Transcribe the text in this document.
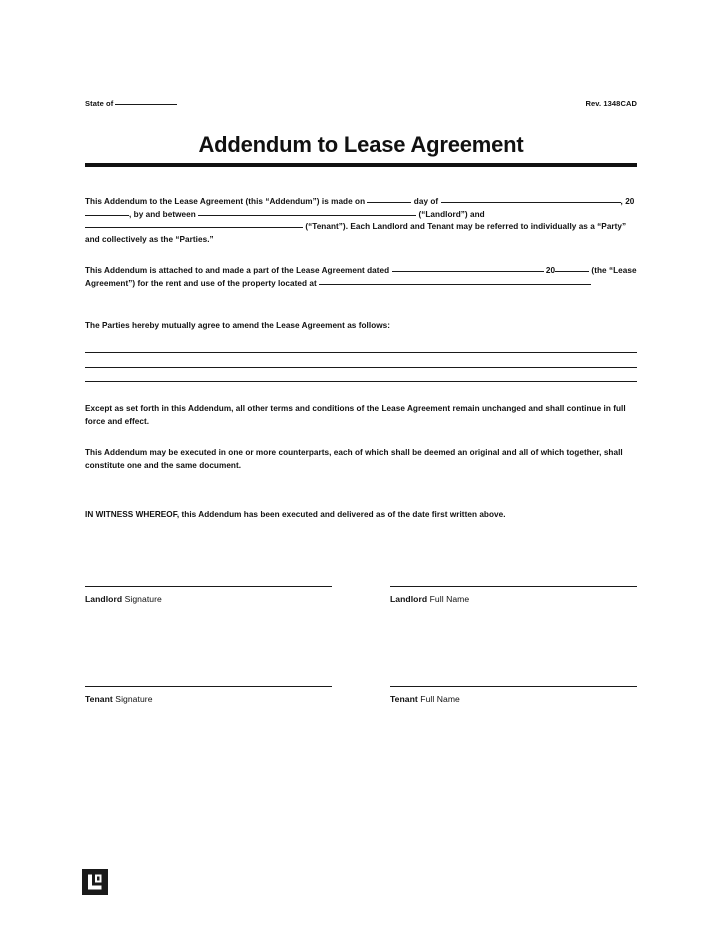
State of	Rev. 1348CAD
Addendum to Lease Agreement
This Addendum to the Lease Agreement (this “Addendum”) is made on	day of	, 20, by and between	(“Landlord”) and  (“Tenant”). Each Landlord and Tenant may be referred to individually as a “Party” and collectively as the “Parties.”
This Addendum is attached to and made a part of the Lease Agreement dated	20	(the “Lease Agreement”) for the rent and use of the property located at
The Parties hereby mutually agree to amend the Lease Agreement as follows:
Except as set forth in this Addendum, all other terms and conditions of the Lease Agreement remain unchanged and shall continue in full force and effect.
This Addendum may be executed in one or more counterparts, each of which shall be deemed an original and all of which together, shall constitute one and the same document.
IN WITNESS WHEREOF, this Addendum has been executed and delivered as of the date first written above.
Landlord Signature	Landlord Full Name
Tenant Signature	Tenant Full Name
